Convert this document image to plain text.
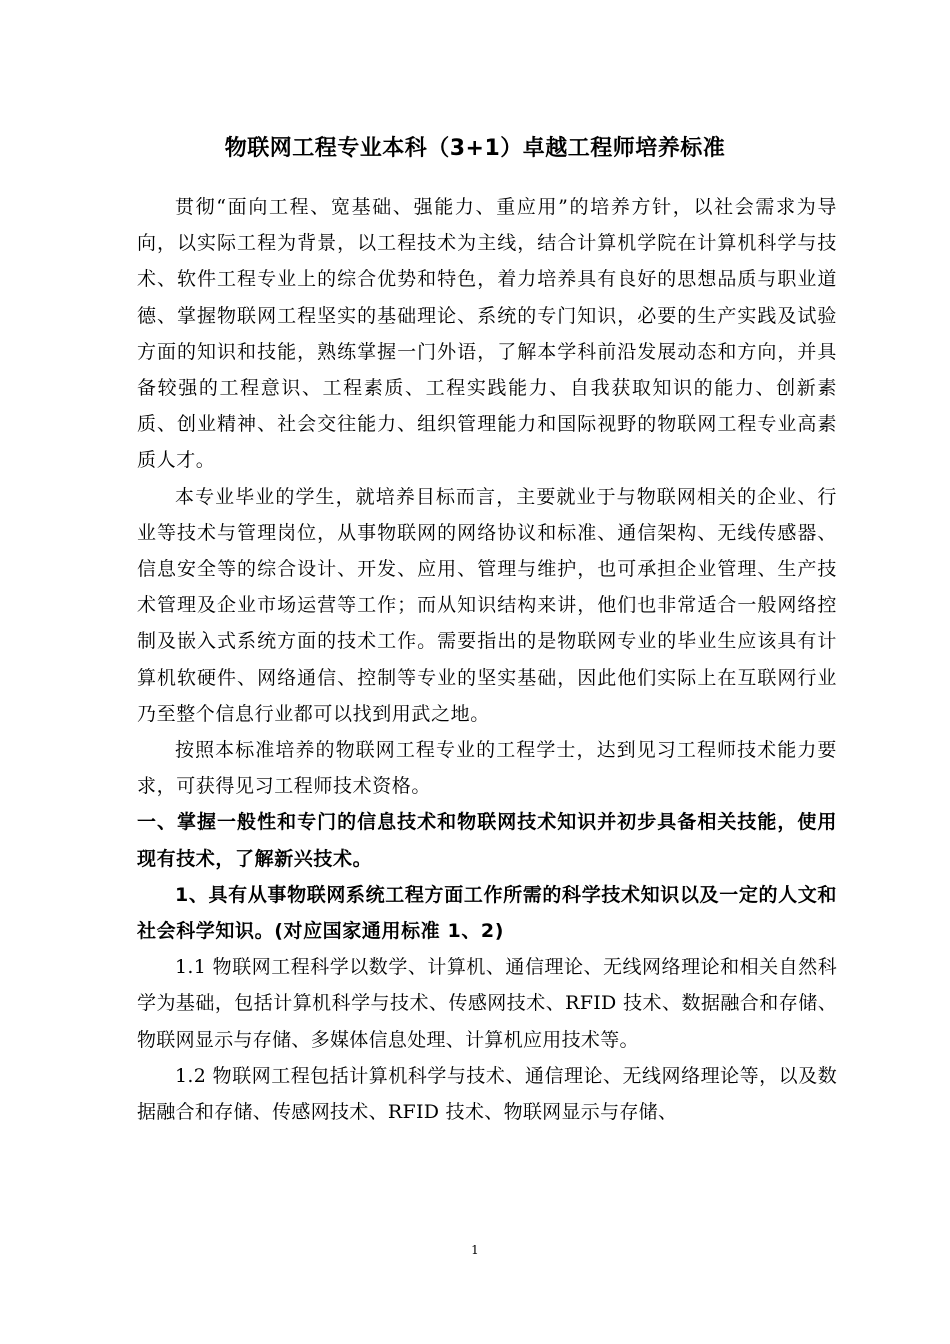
物联网工程专业本科（3+1）卓越工程师培养标准

贯彻“面向工程、宽基础、强能力、重应用”的培养方针，以社会需求为导向，以实际工程为背景，以工程技术为主线，结合计算机学院在计算机科学与技术、软件工程专业上的综合优势和特色，着力培养具有良好的思想品质与职业道德、掌握物联网工程坚实的基础理论、系统的专门知识，必要的生产实践及试验方面的知识和技能，熟练掌握一门外语，了解本学科前沿发展动态和方向，并具备较强的工程意识、工程素质、工程实践能力、自我获取知识的能力、创新素质、创业精神、社会交往能力、组织管理能力和国际视野的物联网工程专业高素质人才。

本专业毕业的学生，就培养目标而言，主要就业于与物联网相关的企业、行业等技术与管理岗位，从事物联网的网络协议和标准、通信架构、无线传感器、信息安全等的综合设计、开发、应用、管理与维护，也可承担企业管理、生产技术管理及企业市场运营等工作；而从知识结构来讲，他们也非常适合一般网络控制及嵌入式系统方面的技术工作。需要指出的是物联网专业的毕业生应该具有计算机软硬件、网络通信、控制等专业的坚实基础，因此他们实际上在互联网行业乃至整个信息行业都可以找到用武之地。

按照本标准培养的物联网工程专业的工程学士，达到见习工程师技术能力要求，可获得见习工程师技术资格。

一、掌握一般性和专门的信息技术和物联网技术知识并初步具备相关技能，使用现有技术，了解新兴技术。

1、具有从事物联网系统工程方面工作所需的科学技术知识以及一定的人文和社会科学知识。(对应国家通用标准 1、2)

1.1 物联网工程科学以数学、计算机、通信理论、无线网络理论和相关自然科学为基础，包括计算机科学与技术、传感网技术、RFID 技术、数据融合和存储、物联网显示与存储、多媒体信息处理、计算机应用技术等。

1.2 物联网工程包括计算机科学与技术、通信理论、无线网络理论等，以及数据融合和存储、传感网技术、RFID 技术、物联网显示与存储、

1
